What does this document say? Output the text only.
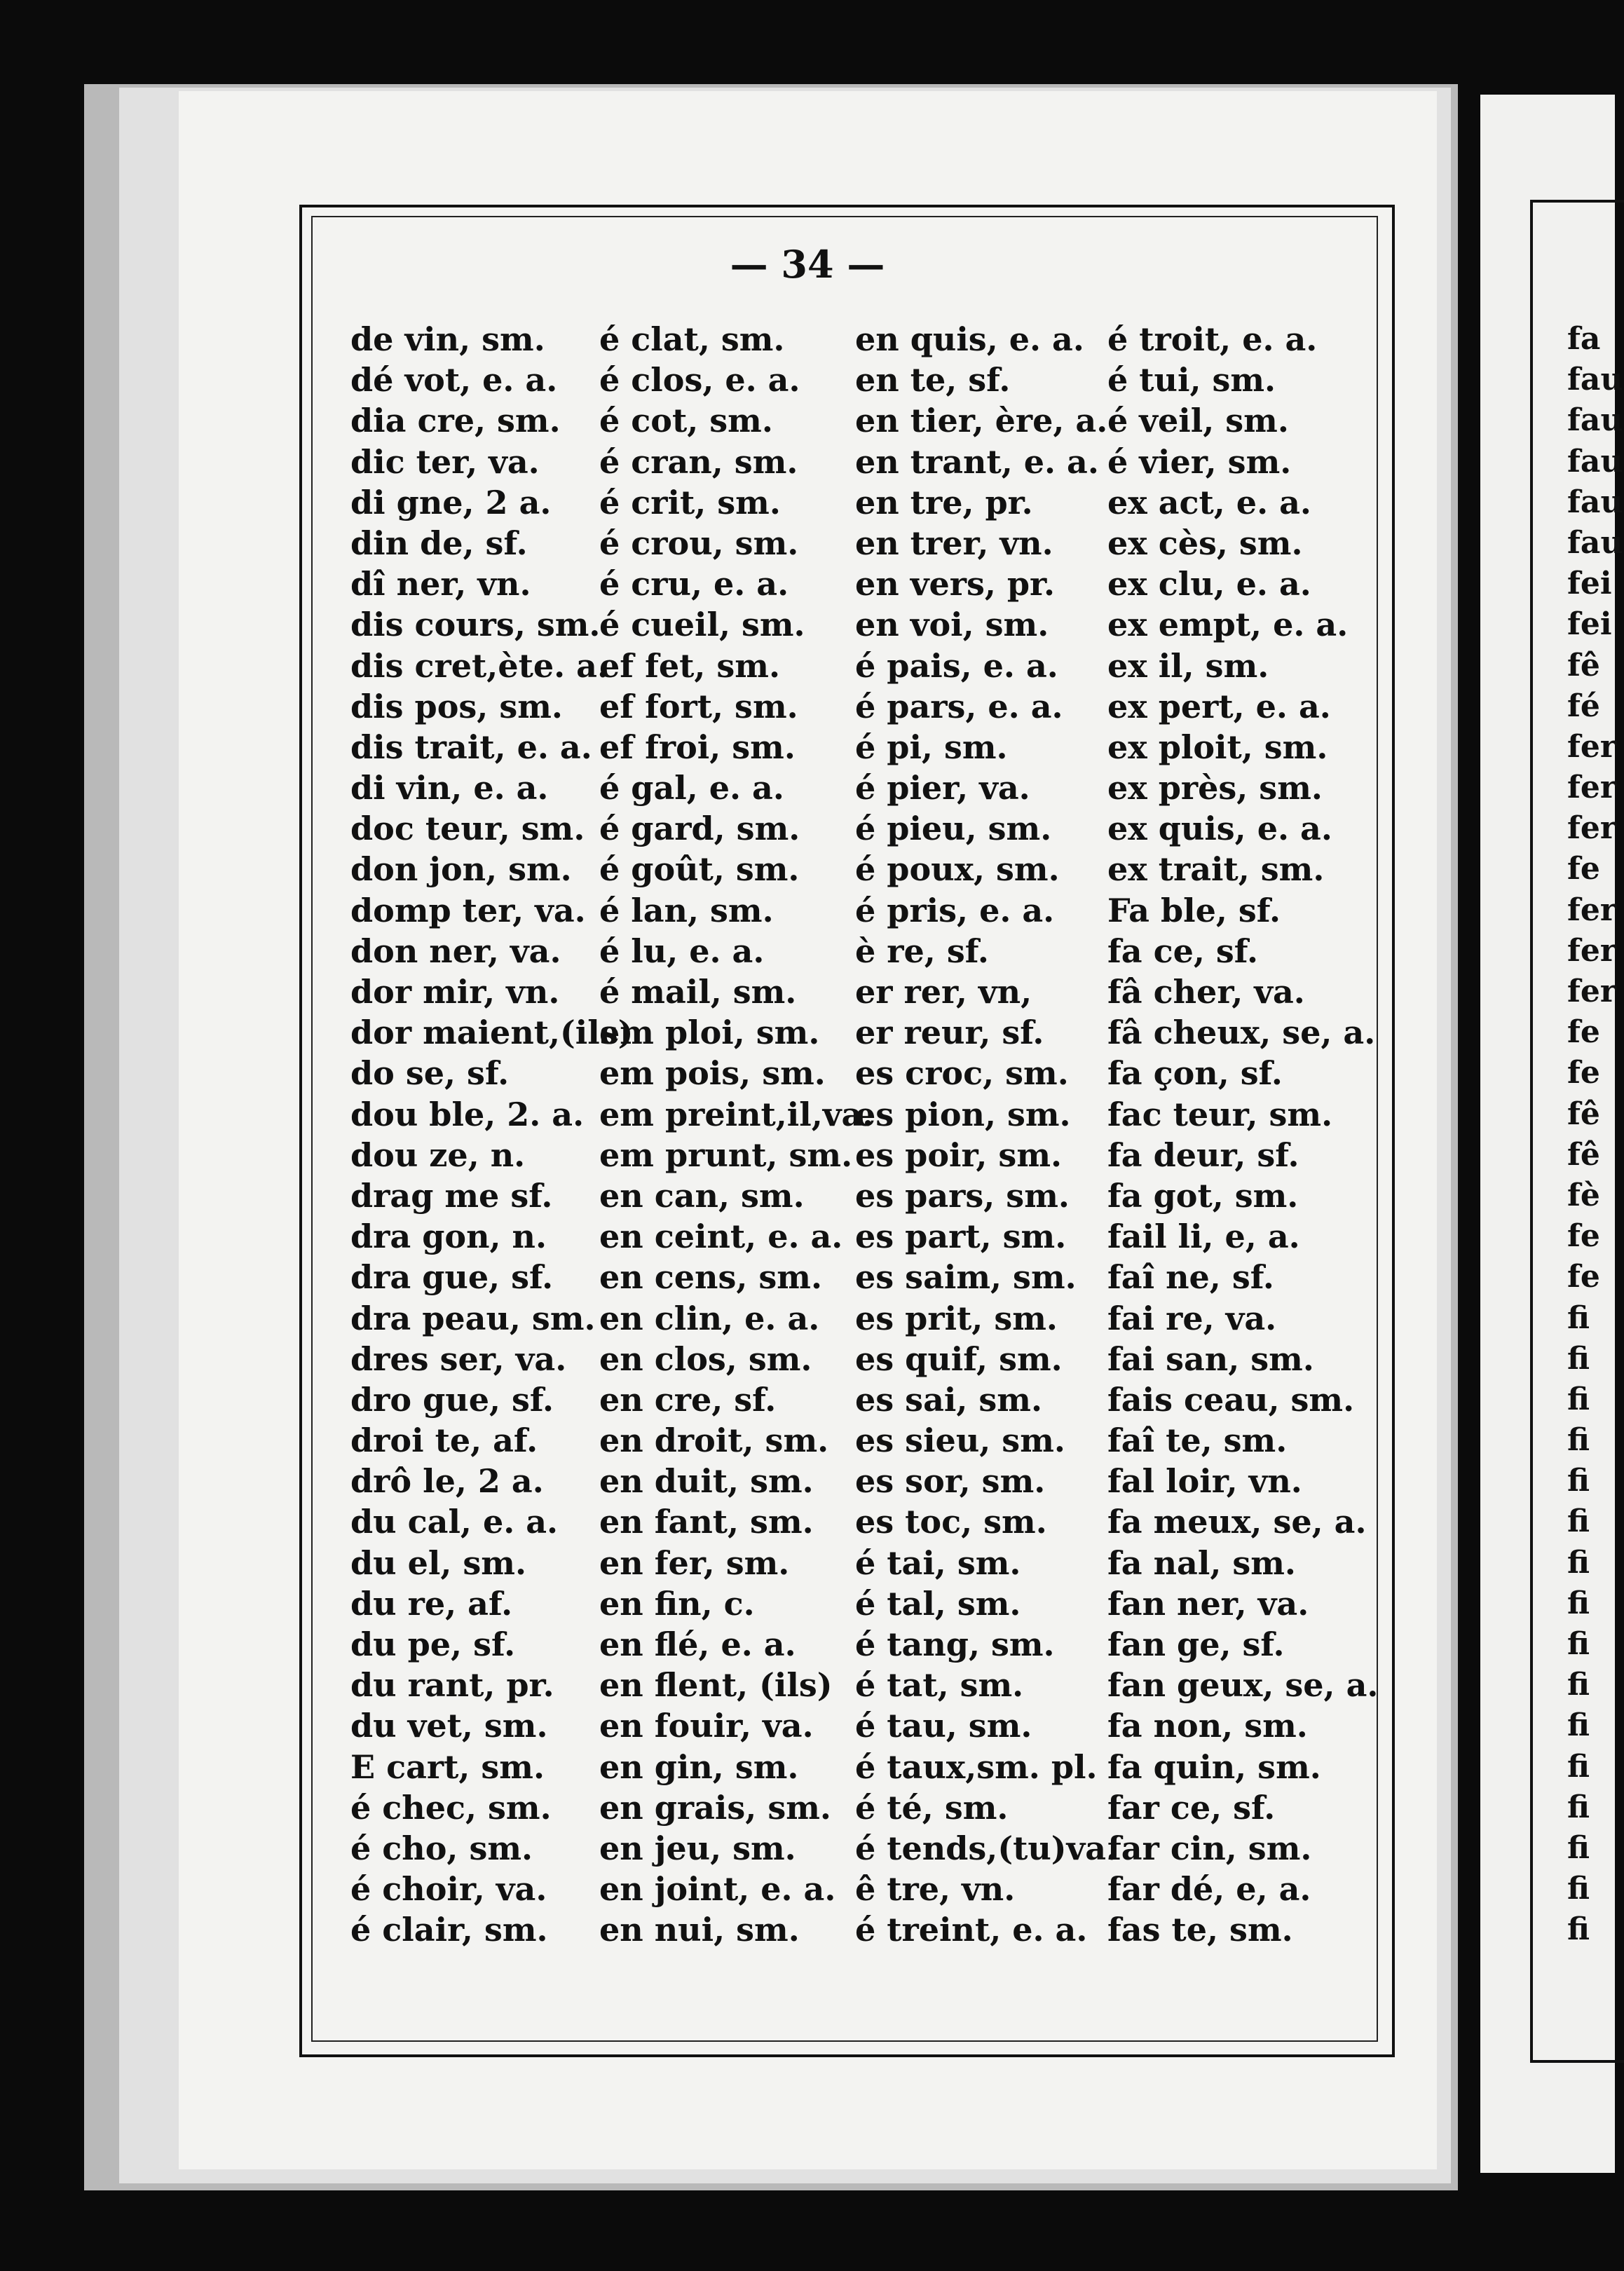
— 34 —
de vin, sm.
dé vot, e. a.
dia cre, sm.
dic ter, va.
di gne, 2 a.
din de, sf.
dî ner, vn.
dis cours, sm.
dis cret,ète. a.
dis pos, sm.
dis trait, e. a.
di vin, e. a.
doc teur, sm.
don jon, sm.
domp ter, va.
don ner, va.
dor mir, vn.
dor maient,(ils)
do se, sf.
dou ble, 2. a.
dou ze, n.
drag me sf.
dra gon, n.
dra gue, sf.
dra peau, sm.
dres ser, va.
dro gue, sf.
droi te, af.
drô le, 2 a.
du cal, e. a.
du el, sm.
du re, af.
du pe, sf.
du rant, pr.
du vet, sm.
E cart, sm.
é chec, sm.
é cho, sm.
é choir, va.
é clair, sm.
é clat, sm.
é clos, e. a.
é cot, sm.
é cran, sm.
é crit, sm.
é crou, sm.
é cru, e. a.
é cueil, sm.
ef fet, sm.
ef fort, sm.
ef froi, sm.
é gal, e. a.
é gard, sm.
é goût, sm.
é lan, sm.
é lu, e. a.
é mail, sm.
em ploi, sm.
em pois, sm.
em preint,il,va.
em prunt, sm.
en can, sm.
en ceint, e. a.
en cens, sm.
en clin, e. a.
en clos, sm.
en cre, sf.
en droit, sm.
en duit, sm.
en fant, sm.
en fer, sm.
en fin, c.
en flé, e. a.
en flent, (ils)
en fouir, va.
en gin, sm.
en grais, sm.
en jeu, sm.
en joint, e. a.
en nui, sm.
en quis, e. a.
en te, sf.
en tier, ère, a.
en trant, e. a.
en tre, pr.
en trer, vn.
en vers, pr.
en voi, sm.
é pais, e. a.
é pars, e. a.
é pi, sm.
é pier, va.
é pieu, sm.
é poux, sm.
é pris, e. a.
è re, sf.
er rer, vn,
er reur, sf.
es croc, sm.
es pion, sm.
es poir, sm.
es pars, sm.
es part, sm.
es saim, sm.
es prit, sm.
es quif, sm.
es sai, sm.
es sieu, sm.
es sor, sm.
es toc, sm.
é tai, sm.
é tal, sm.
é tang, sm.
é tat, sm.
é tau, sm.
é taux,sm. pl.
é té, sm.
é tends,(tu)va.
ê tre, vn.
é treint, e. a.
é troit, e. a.
é tui, sm.
é veil, sm.
é vier, sm.
ex act, e. a.
ex cès, sm.
ex clu, e. a.
ex empt, e. a.
ex il, sm.
ex pert, e. a.
ex ploit, sm.
ex près, sm.
ex quis, e. a.
ex trait, sm.
Fa ble, sf.
fa ce, sf.
fâ cher, va.
fâ cheux, se, a.
fa çon, sf.
fac teur, sm.
fa deur, sf.
fa got, sm.
fail li, e, a.
faî ne, sf.
fai re, va.
fai san, sm.
fais ceau, sm.
faî te, sm.
fal loir, vn.
fa meux, se, a.
fa nal, sm.
fan ner, va.
fan ge, sf.
fan geux, se, a.
fa non, sm.
fa quin, sm.
far ce, sf.
far cin, sm.
far dé, e, a.
fas te, sm.
fa
fau
fau
fau
fau
fau
fei
fei
fê
fé
fer
fer
fer
fe
fer
fer
fer
fe
fe
fê
fê
fè
fe
fe
fi
fi
fi
fi
fi
fi
fi
fi
fi
fi
fi
fi
fi
fi
fi
fi
